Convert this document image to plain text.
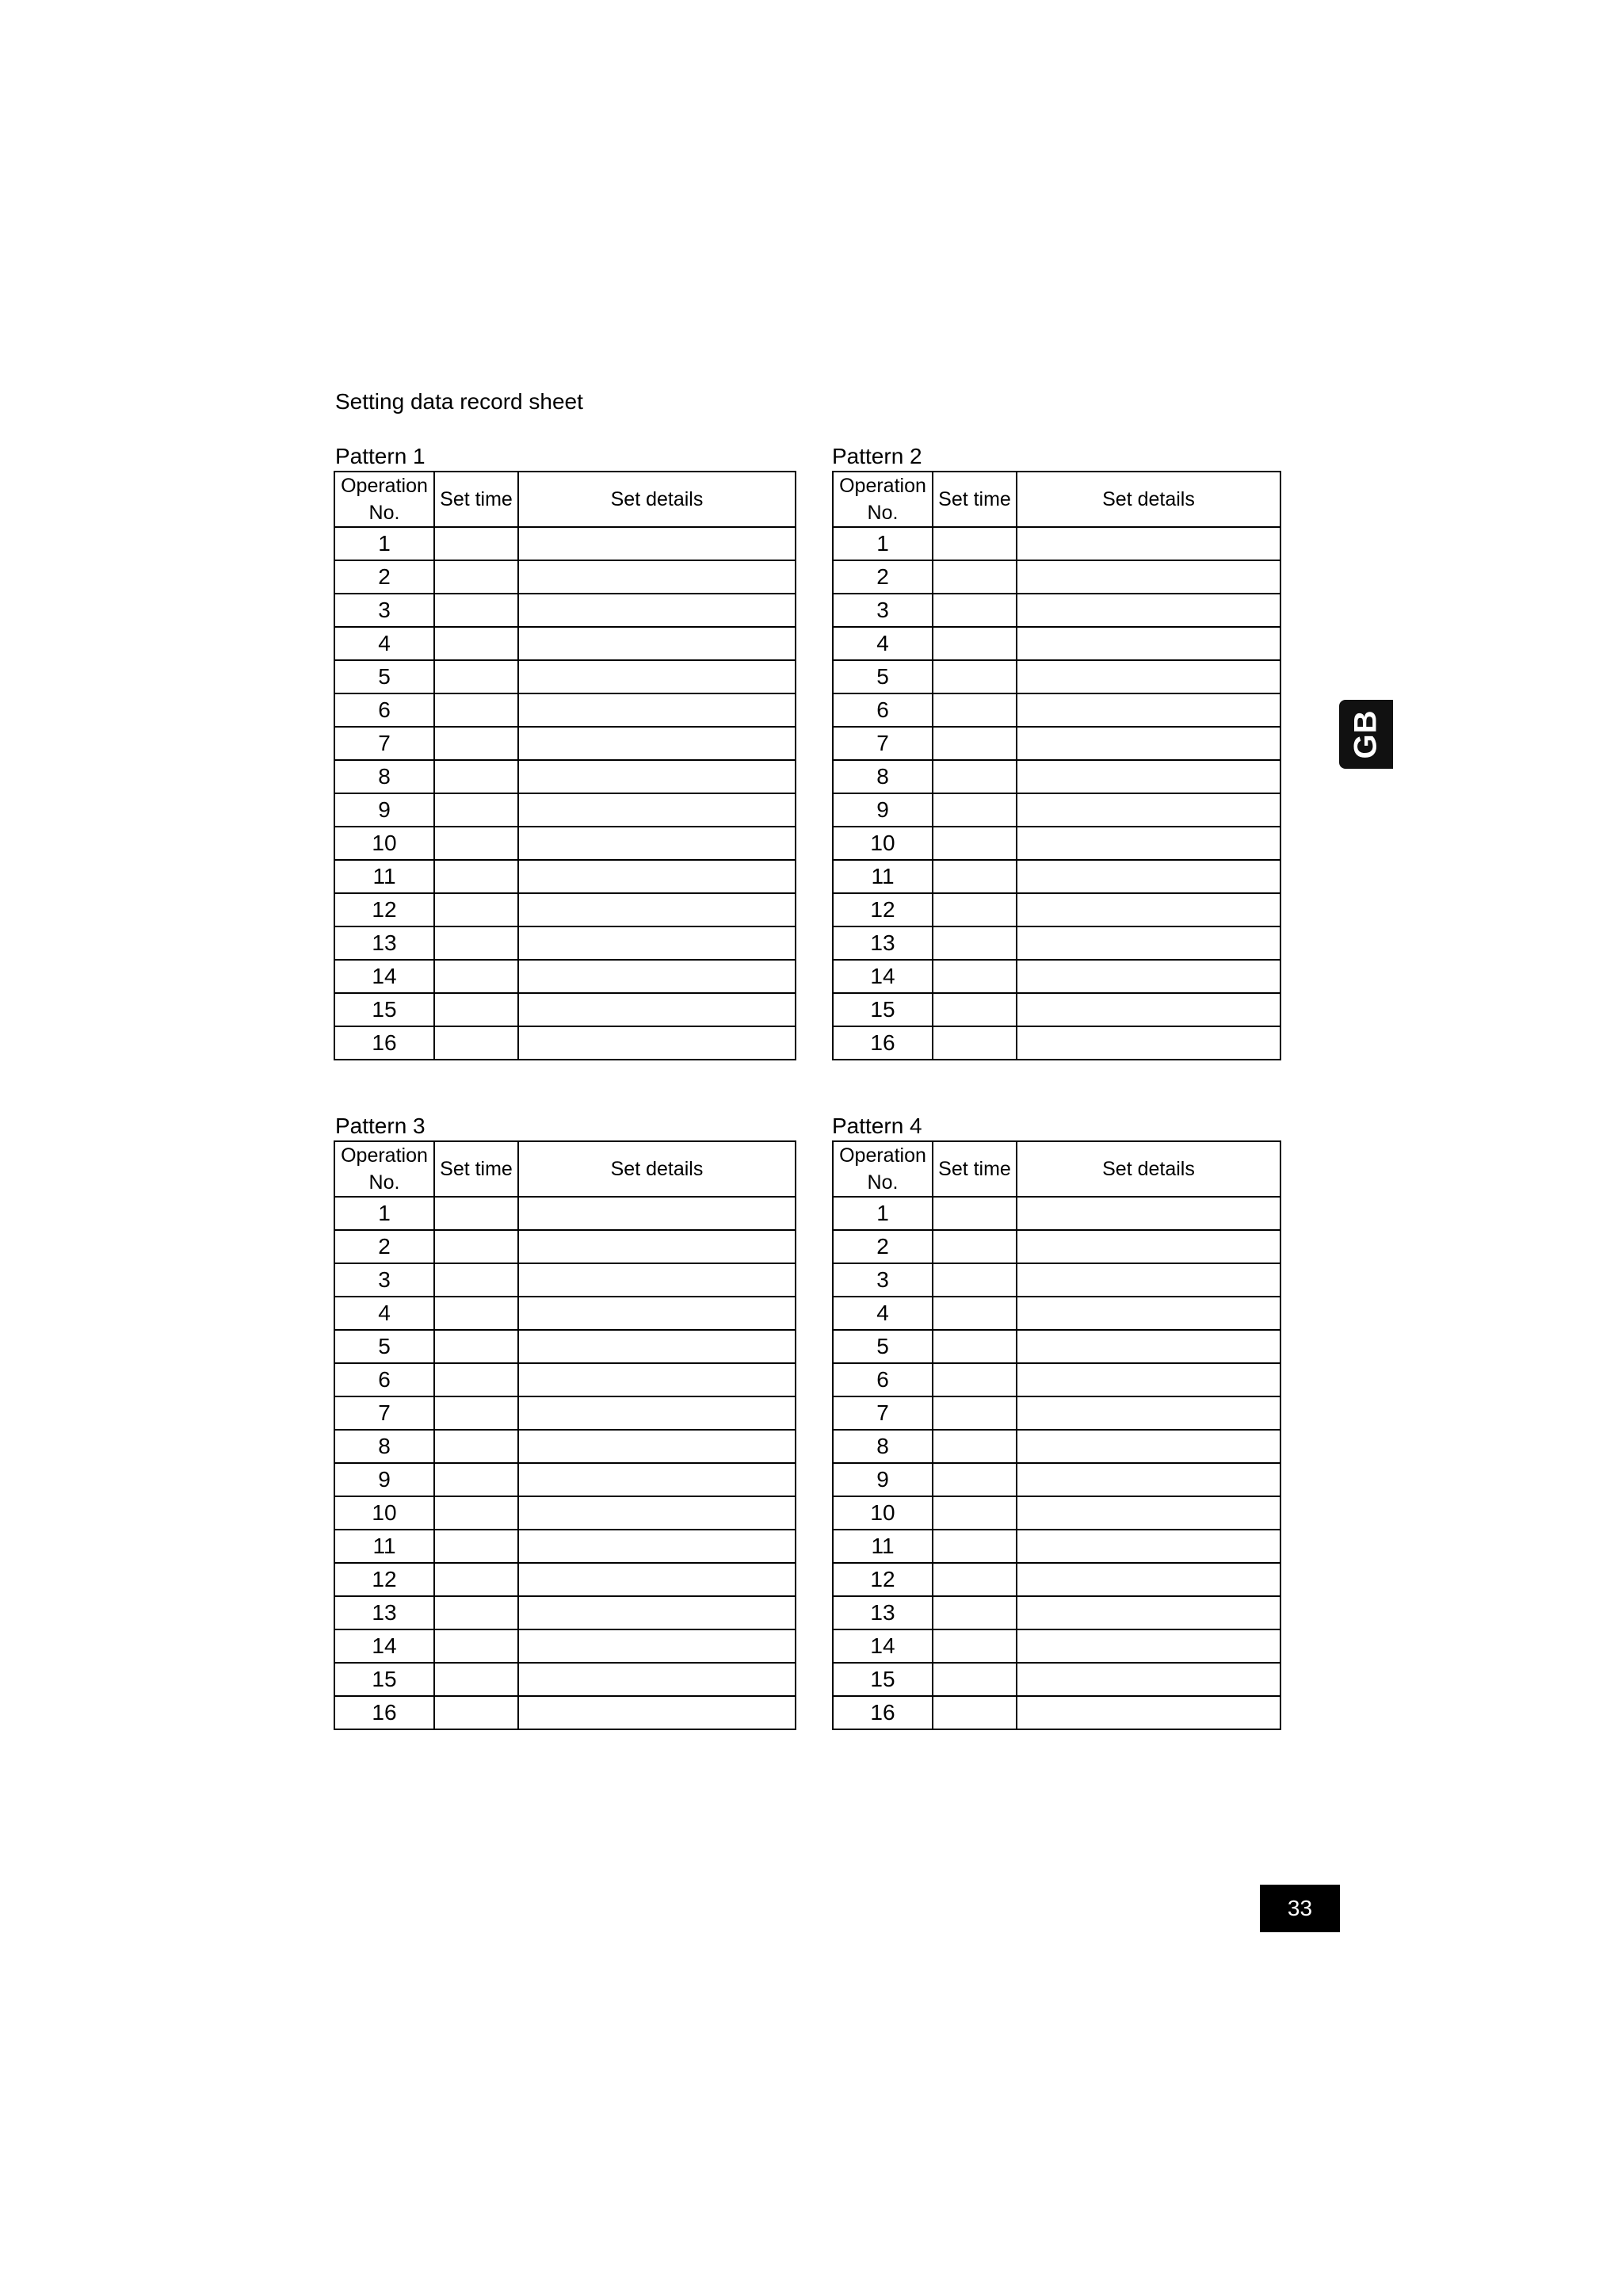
Setting data record sheet
Pattern 1
Operation No.	Set time	Set details
1		
2		
3		
4		
5		
6		
7		
8		
9		
10		
11		
12		
13		
14		
15		
16		
Pattern 2
Operation No.	Set time	Set details
1		
2		
3		
4		
5		
6		
7		
8		
9		
10		
11		
12		
13		
14		
15		
16		
Pattern 3
Operation No.	Set time	Set details
1		
2		
3		
4		
5		
6		
7		
8		
9		
10		
11		
12		
13		
14		
15		
16		
Pattern 4
Operation No.	Set time	Set details
1		
2		
3		
4		
5		
6		
7		
8		
9		
10		
11		
12		
13		
14		
15		
16		
GB
33
